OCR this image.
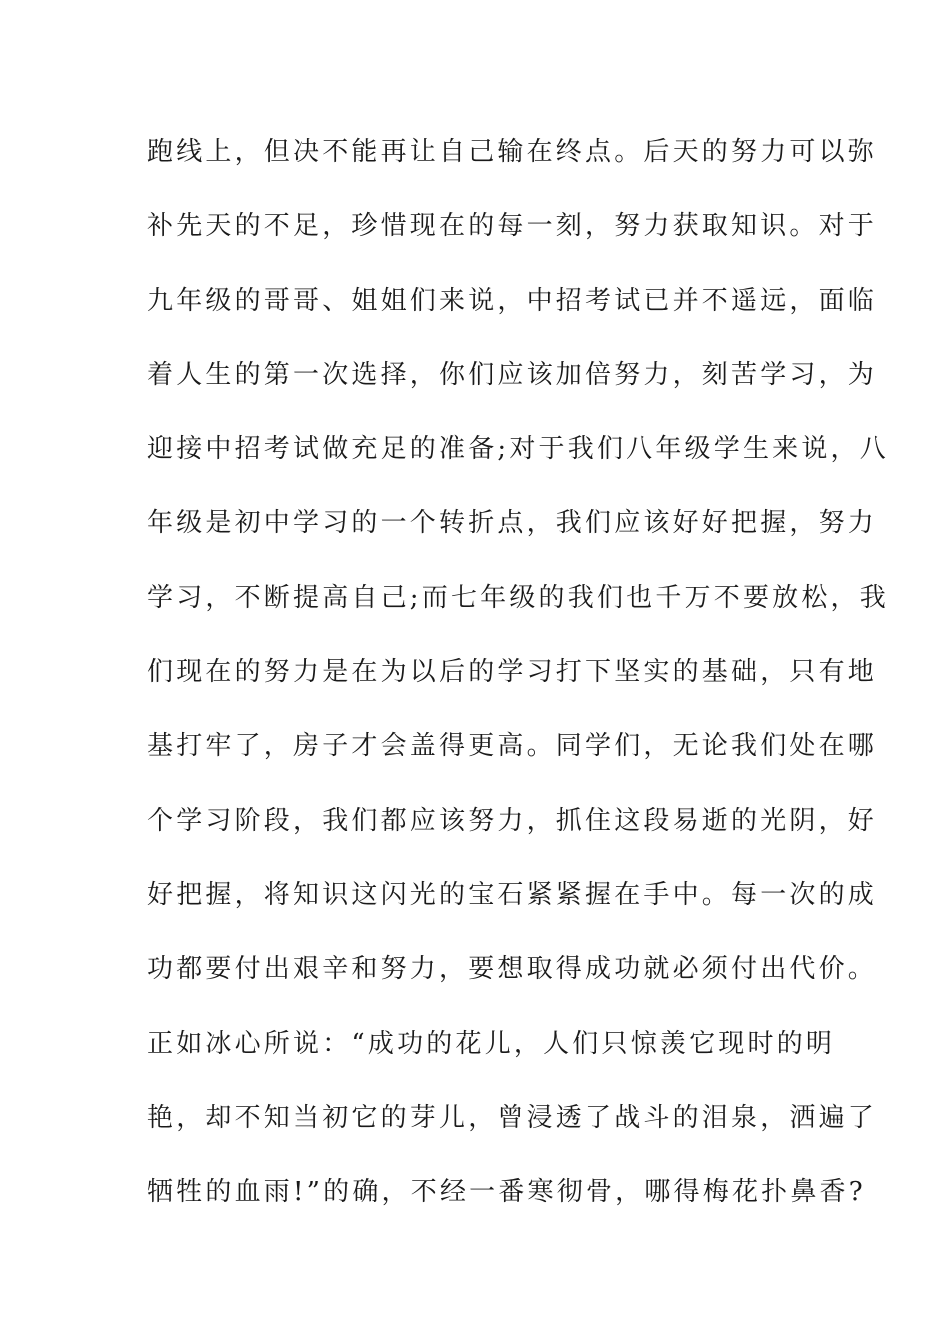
跑线上，但决不能再让自己输在终点。后天的努力可以弥
补先天的不足，珍惜现在的每一刻，努力获取知识。对于
九年级的哥哥、姐姐们来说，中招考试已并不遥远，面临
着人生的第一次选择，你们应该加倍努力，刻苦学习，为
迎接中招考试做充足的准备;对于我们八年级学生来说，八
年级是初中学习的一个转折点，我们应该好好把握，努力
学习，不断提高自己;而七年级的我们也千万不要放松，我
们现在的努力是在为以后的学习打下坚实的基础，只有地
基打牢了，房子才会盖得更高。同学们，无论我们处在哪
个学习阶段，我们都应该努力，抓住这段易逝的光阴，好
好把握，将知识这闪光的宝石紧紧握在手中。每一次的成
功都要付出艰辛和努力，要想取得成功就必须付出代价。
正如冰心所说：“成功的花儿，人们只惊羡它现时的明
艳，却不知当初它的芽儿，曾浸透了战斗的泪泉，洒遍了
牺牲的血雨!”的确，不经一番寒彻骨，哪得梅花扑鼻香?
